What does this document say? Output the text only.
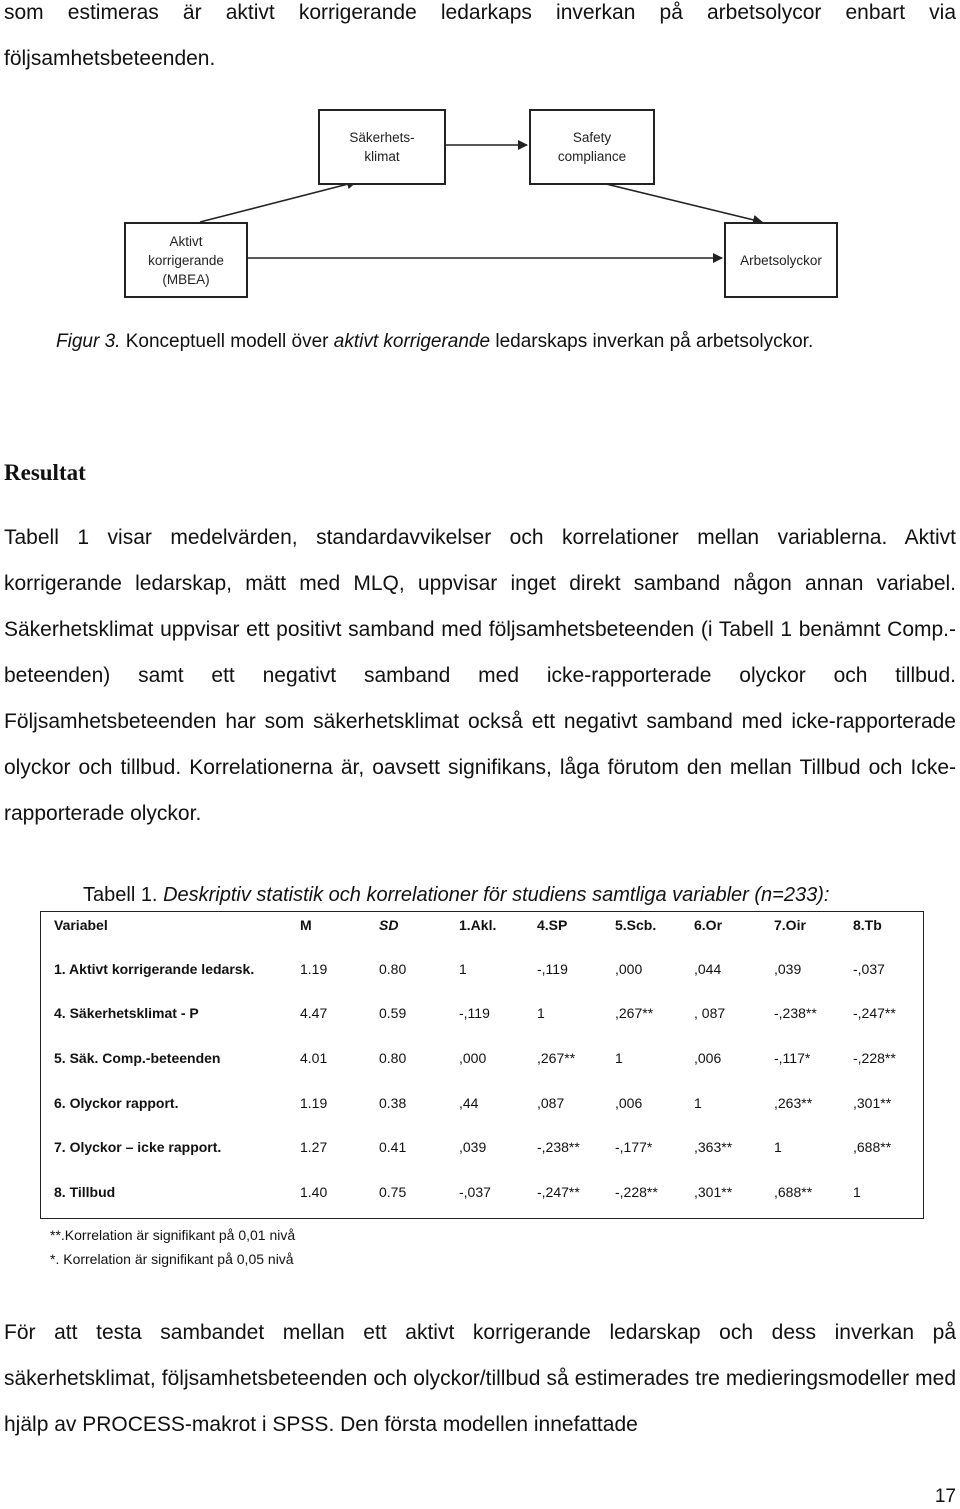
som estimeras är aktivt korrigerande ledarkaps inverkan på arbetsolycor enbart via följsamhetsbeteenden.
Säkerhets-
klimat
Safety
compliance
Aktivt
korrigerande
(MBEA)
Arbetsolyckor
Figur 3. Konceptuell modell över aktivt korrigerande ledarskaps inverkan på arbetsolyckor.
Resultat
Tabell 1 visar medelvärden, standardavvikelser och korrelationer mellan variablerna. Aktivt korrigerande ledarskap, mätt med MLQ, uppvisar inget direkt samband någon annan variabel. Säkerhetsklimat uppvisar ett positivt samband med följsamhetsbeteenden (i Tabell 1 benämnt Comp.-beteenden) samt ett negativt samband med icke-rapporterade olyckor och tillbud. Följsamhetsbeteenden har som säkerhetsklimat också ett negativt samband med icke-rapporterade olyckor och tillbud. Korrelationerna är, oavsett signifikans, låga förutom den mellan Tillbud och Icke-rapporterade olyckor.
Tabell 1. Deskriptiv statistik och korrelationer för studiens samtliga variabler (n=233):
Variabel	M	SD	1.Akl.	4.SP	5.Scb.	6.Or	7.Oir	8.Tb
1. Aktivt korrigerande ledarsk.	1.19	0.80	1	-,119	,000	,044	,039	-,037
4. Säkerhetsklimat - P	4.47	0.59	-,119	1	,267**	, 087	-,238**	-,247**
5. Säk. Comp.-beteenden	4.01	0.80	,000	,267**	1	,006	-,117*	-,228**
6. Olyckor rapport.	1.19	0.38	,44	,087	,006	1	,263**	,301**
7. Olyckor – icke rapport.	1.27	0.41	,039	-,238**	-,177*	,363**	1	,688**
8. Tillbud	1.40	0.75	-,037	-,247**	-,228**	,301**	,688**	1
**.Korrelation är signifikant på 0,01 nivå
*. Korrelation är signifikant på 0,05 nivå
För att testa sambandet mellan ett aktivt korrigerande ledarskap och dess inverkan på säkerhetsklimat, följsamhetsbeteenden och olyckor/tillbud så estimerades tre medieringsmodeller med hjälp av PROCESS-makrot i SPSS. Den första modellen innefattade
17
